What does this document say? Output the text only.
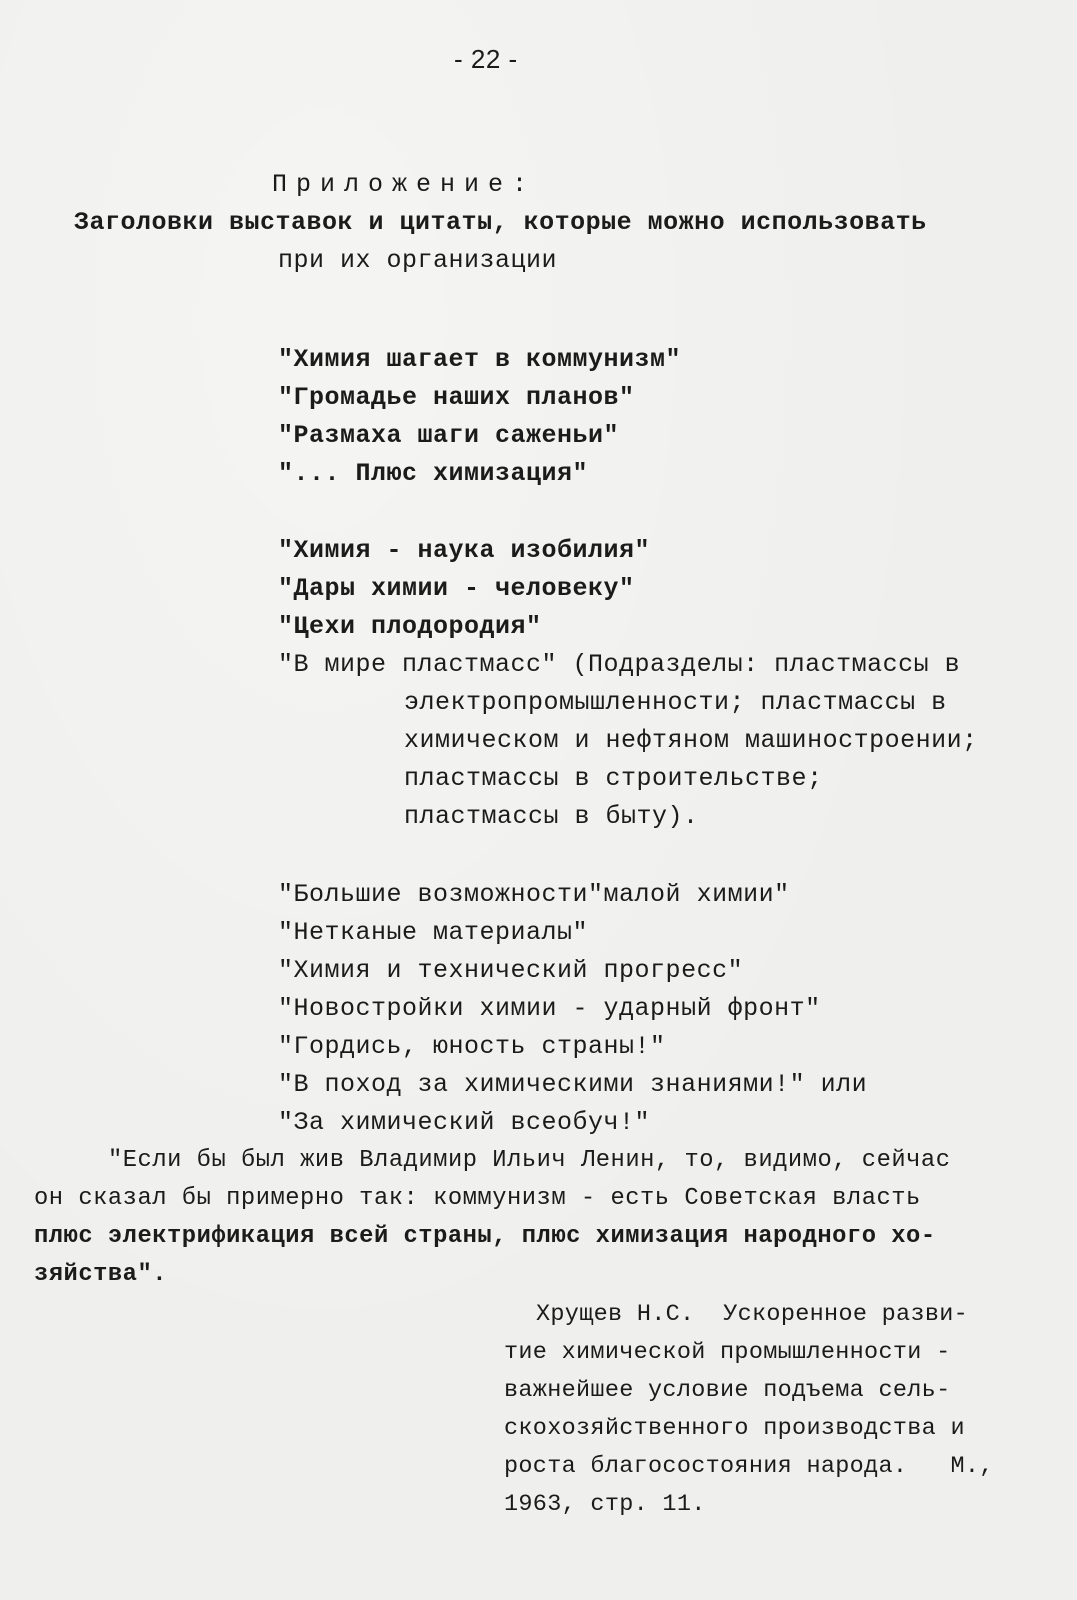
- 22 -
Приложение:
Заголовки выставок и цитаты, которые можно использовать
при их организации
"Химия шагает в коммунизм"
"Громадье наших планов"
"Размаха шаги саженьи"
"... Плюс химизация"
"Химия - наука изобилия"
"Дары химии - человеку"
"Цехи плодородия"
"В мире пластмасс" (Подразделы: пластмассы в
электропромышленности; пластмассы в
химическом и нефтяном машиностроении;
пластмассы в строительстве;
пластмассы в быту).
"Большие возможности"малой химии"
"Нетканые материалы"
"Химия и технический прогресс"
"Новостройки химии - ударный фронт"
"Гордись, юность страны!"
"В поход за химическими знаниями!" или
"За химический всеобуч!"
"Если бы был жив Владимир Ильич Ленин, то, видимо, сейчас
он сказал бы примерно так: коммунизм - есть Советская власть
плюс электрификация всей страны, плюс химизация народного хо-
зяйства".
Хрущев Н.С.  Ускоренное разви-
тие химической промышленности -
важнейшее условие подъема сель-
скохозяйственного производства и
роста благосостояния народа.   М.,
1963, стр. 11.
